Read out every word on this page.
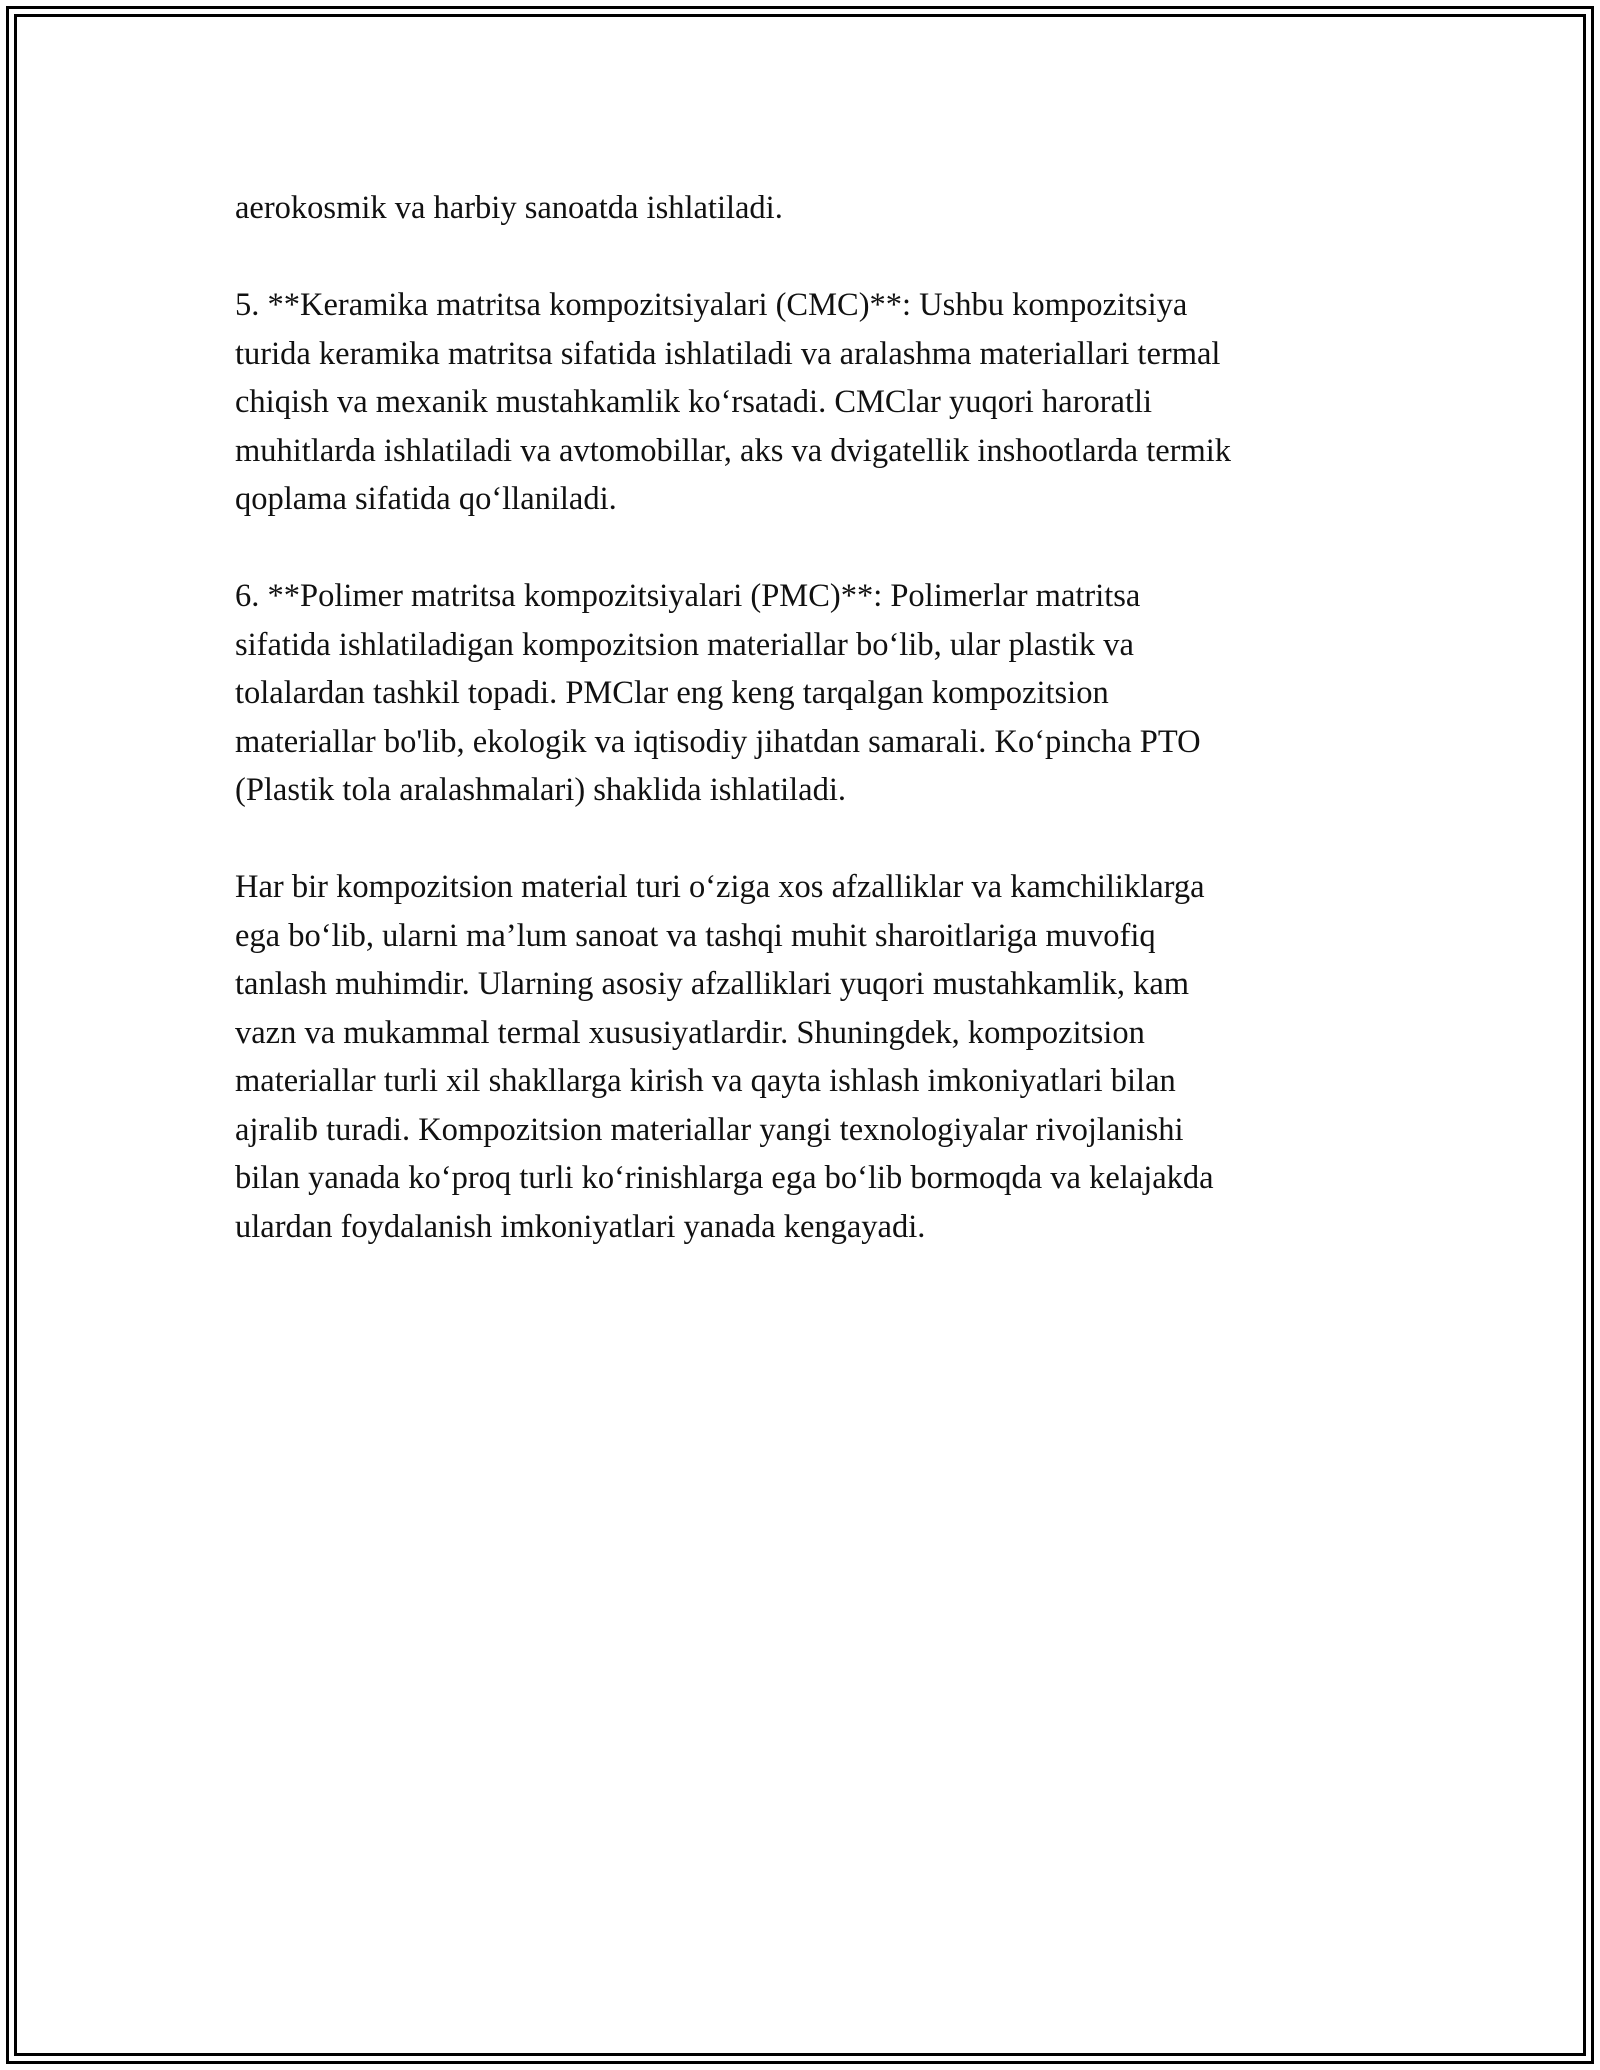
aerokosmik va harbiy sanoatda ishlatiladi.

5. **Keramika matritsa kompozitsiyalari (CMC)**: Ushbu kompozitsiya
turida keramika matritsa sifatida ishlatiladi va aralashma materiallari termal
chiqish va mexanik mustahkamlik ko‘rsatadi. CMClar yuqori haroratli
muhitlarda ishlatiladi va avtomobillar, aks va dvigatellik inshootlarda termik
qoplama sifatida qo‘llaniladi.

6. **Polimer matritsa kompozitsiyalari (PMC)**: Polimerlar matritsa
sifatida ishlatiladigan kompozitsion materiallar bo‘lib, ular plastik va
tolalardan tashkil topadi. PMClar eng keng tarqalgan kompozitsion
materiallar bo'lib, ekologik va iqtisodiy jihatdan samarali. Ko‘pincha PTO
(Plastik tola aralashmalari) shaklida ishlatiladi.

Har bir kompozitsion material turi o‘ziga xos afzalliklar va kamchiliklarga
ega bo‘lib, ularni ma’lum sanoat va tashqi muhit sharoitlariga muvofiq
tanlash muhimdir. Ularning asosiy afzalliklari yuqori mustahkamlik, kam
vazn va mukammal termal xususiyatlardir. Shuningdek, kompozitsion
materiallar turli xil shakllarga kirish va qayta ishlash imkoniyatlari bilan
ajralib turadi. Kompozitsion materiallar yangi texnologiyalar rivojlanishi
bilan yanada ko‘proq turli ko‘rinishlarga ega bo‘lib bormoqda va kelajakda
ulardan foydalanish imkoniyatlari yanada kengayadi.
